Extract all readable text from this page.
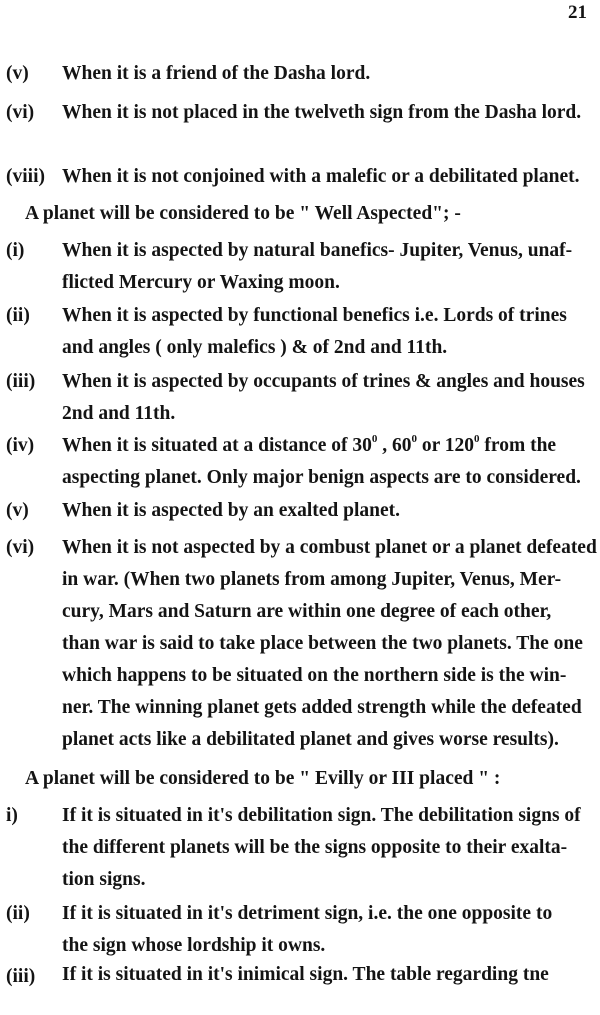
21
(v) When it is a friend of the Dasha lord.
(vi) When it is not placed in the twelveth sign from the Dasha lord.
(viii) When it is not conjoined with a malefic or a debilitated planet.
A planet will be considered to be " Well Aspected"; -
(i) When it is aspected by natural banefics- Jupiter, Venus, unaf-
flicted Mercury or Waxing moon.
(ii) When it is aspected by functional benefics i.e. Lords of trines
and angles ( only malefics ) & of 2nd and 11th.
(iii) When it is aspected by occupants of trines & angles and houses
2nd and 11th.
(iv) When it is situated at a distance of $30^0$ , $60^0$ or $120^0$ from the
aspecting planet. Only major benign aspects are to considered.
(v) When it is aspected by an exalted planet.
(vi) When it is not aspected by a combust planet or a planet defeated
in war. (When two planets from among Jupiter, Venus, Mer-
cury, Mars and Saturn are within one degree of each other,
than war is said to take place between the two planets. The one
which happens to be situated on the northern side is the win-
ner. The winning planet gets added strength while the defeated
planet acts like a debilitated planet and gives worse results).
A planet will be considered to be " Evilly or III placed " :
i) If it is situated in it's debilitation sign. The debilitation signs of
the different planets will be the signs opposite to their exalta-
tion signs.
(ii) If it is situated in it's detriment sign, i.e. the one opposite to
the sign whose lordship it owns.
(iii) If it is situated in it's inimical sign. The table regarding tne
